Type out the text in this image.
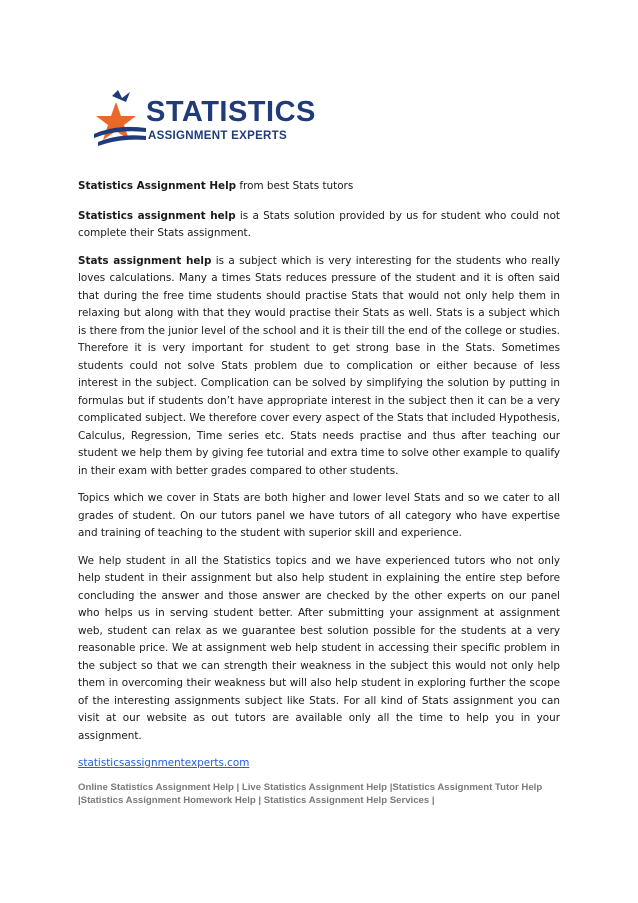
STATISTICS
ASSIGNMENT EXPERTS

Statistics Assignment Help from best Stats tutors

Statistics assignment help is a Stats solution provided by us for student who could not complete their Stats assignment.

Stats assignment help is a subject which is very interesting for the students who really loves calculations. Many a times Stats reduces pressure of the student and it is often said that during the free time students should practise Stats that would not only help them in relaxing but along with that they would practise their Stats as well. Stats is a subject which is there from the junior level of the school and it is their till the end of the college or studies. Therefore it is very important for student to get strong base in the Stats. Sometimes students could not solve Stats problem due to complication or either because of less interest in the subject. Complication can be solved by simplifying the solution by putting in formulas but if students don’t have appropriate interest in the subject then it can be a very complicated subject. We therefore cover every aspect of the Stats that included Hypothesis, Calculus, Regression, Time series etc. Stats needs practise and thus after teaching our student we help them by giving fee tutorial and extra time to solve other example to qualify in their exam with better grades compared to other students.

Topics which we cover in Stats are both higher and lower level Stats and so we cater to all grades of student. On our tutors panel we have tutors of all category who have expertise and training of teaching to the student with superior skill and experience.

We help student in all the Statistics topics and we have experienced tutors who not only help student in their assignment but also help student in explaining the entire step before concluding the answer and those answer are checked by the other experts on our panel who helps us in serving student better. After submitting your assignment at assignment web, student can relax as we guarantee best solution possible for the students at a very reasonable price. We at assignment web help student in accessing their specific problem in the subject so that we can strength their weakness in the subject this would not only help them in overcoming their weakness but will also help student in exploring further the scope of the interesting assignments subject like Stats. For all kind of Stats assignment you can visit at our website as out tutors are available only all the time to help you in your assignment.

statisticsassignmentexperts.com
Online Statistics Assignment Help | Live Statistics Assignment Help |Statistics Assignment Tutor Help |Statistics Assignment Homework Help | Statistics Assignment Help Services |
